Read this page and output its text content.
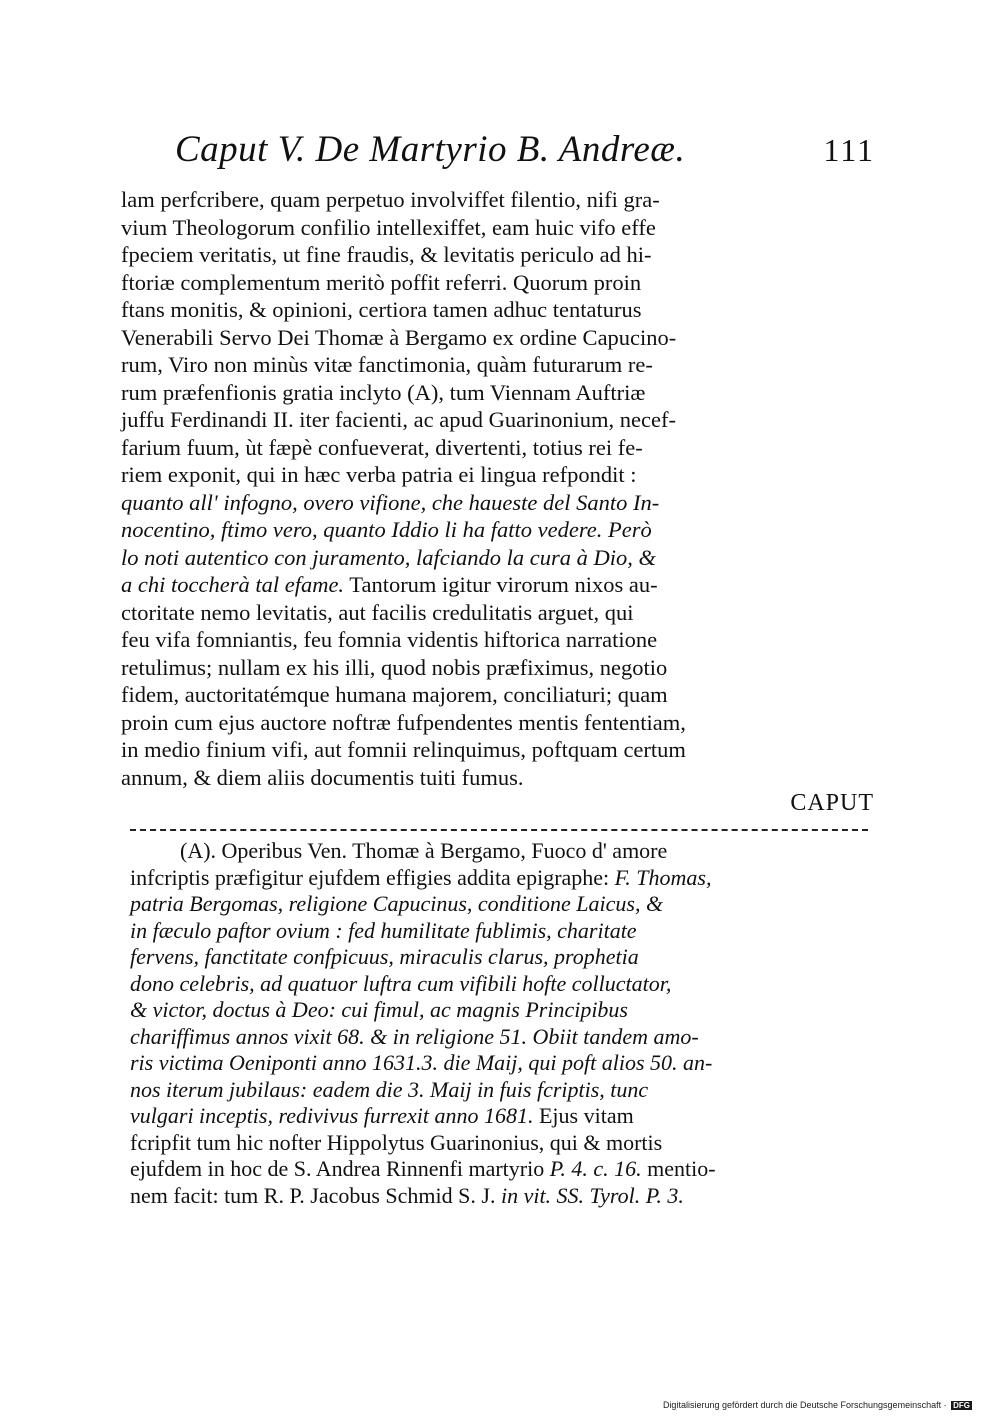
Caput V. De Martyrio B. Andreæ.	111
lam perfcribere, quam perpetuo involviffet filentio, nifi gra-
vium Theologorum confilio intellexiffet, eam huic vifo effe
fpeciem veritatis, ut fine fraudis, & levitatis periculo ad hi-
ftoriæ complementum meritò poffit referri. Quorum proin
ftans monitis, & opinioni, certiora tamen adhuc tentaturus
Venerabili Servo Dei Thomæ à Bergamo ex ordine Capucino-
rum, Viro non minùs vitæ fanctimonia, quàm futurarum re-
rum præfenfionis gratia inclyto (A), tum Viennam Auftriæ
juffu Ferdinandi II. iter facienti, ac apud Guarinonium, necef-
farium fuum, ùt fæpè confueverat, divertenti, totius rei fe-
riem exponit, qui in hæc verba patria ei lingua refpondit :
quanto all' infogno, overo vifione, che haueste del Santo In-
nocentino, ftimo vero, quanto Iddio li ha fatto vedere. Però
lo noti autentico con juramento, lafciando la cura à Dio, &
a chi toccherà tal efame. Tantorum igitur virorum nixos au-
ctoritate nemo levitatis, aut facilis credulitatis arguet, qui
feu vifa fomniantis, feu fomnia videntis hiftorica narratione
retulimus; nullam ex his illi, quod nobis præfiximus, negotio
fidem, auctoritatémque humana majorem, conciliaturi; quam
proin cum ejus auctore noftræ fufpendentes mentis fententiam,
in medio finium vifi, aut fomnii relinquimus, poftquam certum
annum, & diem aliis documentis tuiti fumus.
CAPUT
(A). Operibus Ven. Thomæ à Bergamo, Fuoco d' amore
infcriptis præfigitur ejufdem effigies addita epigraphe: F. Thomas,
patria Bergomas, religione Capucinus, conditione Laicus, &
in fæculo paftor ovium : fed humilitate fublimis, charitate
fervens, fanctitate confpicuus, miraculis clarus, prophetia
dono celebris, ad quatuor luftra cum vifibili hofte colluctator,
& victor, doctus à Deo: cui fimul, ac magnis Principibus
chariffimus annos vixit 68. & in religione 51. Obiit tandem amo-
ris victima Oeniponti anno 1631.3. die Maij, qui poft alios 50. an-
nos iterum jubilaus: eadem die 3. Maij in fuis fcriptis, tunc
vulgari inceptis, redivivus furrexit anno 1681. Ejus vitam
fcripfit tum hic nofter Hippolytus Guarinonius, qui & mortis
ejufdem in hoc de S. Andrea Rinnenfi martyrio P. 4. c. 16. mentio-
nem facit: tum R. P. Jacobus Schmid S. J. in vit. SS. Tyrol. P. 3.
Digitalisierung gefördert durch die Deutsche Forschungsgemeinschaft · DFG
